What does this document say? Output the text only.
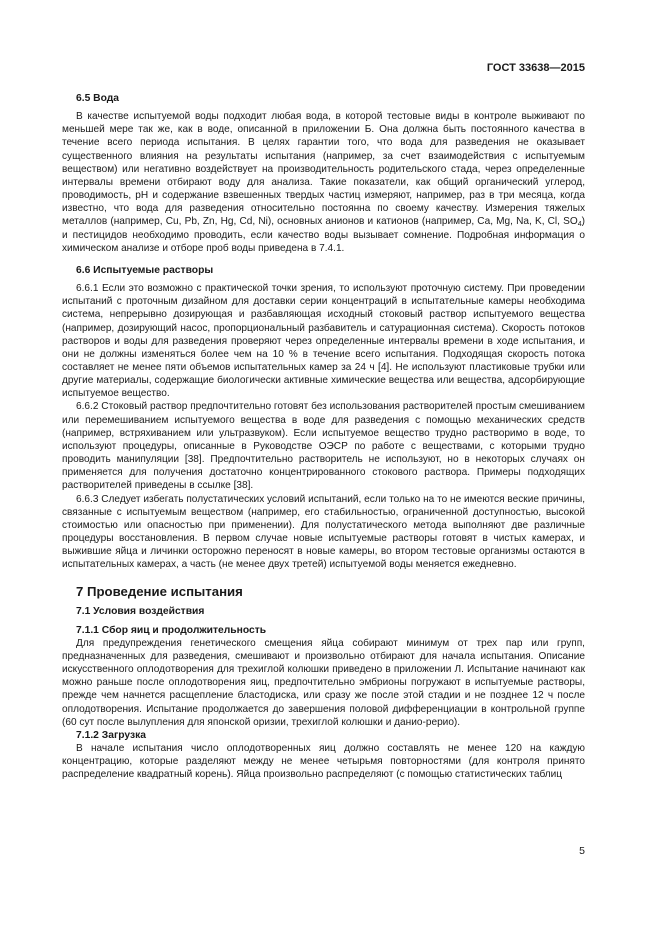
ГОСТ 33638—2015
6.5 Вода

В качестве испытуемой воды подходит любая вода, в которой тестовые виды в контроле выживают по меньшей мере так же, как в воде, описанной в приложении Б. Она должна быть постоянного качества в течение всего периода испытания. В целях гарантии того, что вода для разведения не оказывает существенного влияния на результаты испытания (например, за счет взаимодействия с испытуемым веществом) или негативно воздействует на производительность родительского стада, через определенные интервалы времени отбирают воду для анализа. Такие показатели, как общий органический углерод, проводимость, pH и содержание взвешенных твердых частиц измеряют, например, раз в три месяца, когда известно, что вода для разведения относительно постоянна по своему качеству. Измерения тяжелых металлов (например, Cu, Pb, Zn, Hg, Cd, Ni), основных анионов и катионов (например, Ca, Mg, Na, K, Cl, $SO_4$) и пестицидов необходимо проводить, если качество воды вызывает сомнение. Подробная информация о химическом анализе и отборе проб воды приведена в 7.4.1.

6.6 Испытуемые растворы

6.6.1 Если это возможно с практической точки зрения, то используют проточную систему. При проведении испытаний с проточным дизайном для доставки серии концентраций в испытательные камеры необходима система, непрерывно дозирующая и разбавляющая исходный стоковый раствор испытуемого вещества (например, дозирующий насос, пропорциональный разбавитель и сатурационная система). Скорость потоков растворов и воды для разведения проверяют через определенные интервалы времени в ходе испытания, и они не должны изменяться более чем на 10 % в течение всего испытания. Подходящая скорость потока составляет не менее пяти объемов испытательных камер за 24 ч [4]. Не используют пластиковые трубки или другие материалы, содержащие биологически активные химические вещества или вещества, адсорбирующие испытуемое вещество.

6.6.2 Стоковый раствор предпочтительно готовят без использования растворителей простым смешиванием или перемешиванием испытуемого вещества в воде для разведения с помощью механических средств (например, встряхиванием или ультразвуком). Если испытуемое вещество трудно растворимо в воде, то используют процедуры, описанные в Руководстве ОЭСР по работе с веществами, с которыми трудно проводить манипуляции [38]. Предпочтительно растворитель не используют, но в некоторых случаях он применяется для получения достаточно концентрированного стокового раствора. Примеры подходящих растворителей приведены в ссылке [38].

6.6.3 Следует избегать полустатических условий испытаний, если только на то не имеются веские причины, связанные с испытуемым веществом (например, его стабильностью, ограниченной доступностью, высокой стоимостью или опасностью при применении). Для полустатического метода выполняют две различные процедуры восстановления. В первом случае новые испытуемые растворы готовят в чистых камерах, и выжившие яйца и личинки осторожно переносят в новые камеры, во втором тестовые организмы остаются в испытательных камерах, а часть (не менее двух третей) испытуемой воды меняется ежедневно.

7 Проведение испытания
7.1 Условия воздействия
7.1.1 Сбор яиц и продолжительность

Для предупреждения генетического смещения яйца собирают минимум от трех пар или групп, предназначенных для разведения, смешивают и произвольно отбирают для начала испытания. Описание искусственного оплодотворения для трехиглой колюшки приведено в приложении Л. Испытание начинают как можно раньше после оплодотворения яиц, предпочтительно эмбрионы погружают в испытуемые растворы, прежде чем начнется расщепление бластодиска, или сразу же после этой стадии и не позднее 12 ч после оплодотворения. Испытание продолжается до завершения половой дифференциации в контрольной группе (60 сут после вылупления для японской оризии, трехиглой колюшки и данио-рерио).

7.1.2 Загрузка

В начале испытания число оплодотворенных яиц должно составлять не менее 120 на каждую концентрацию, которые разделяют между не менее четырьмя повторностями (для контроля принято распределение квадратный корень). Яйца произвольно распределяют (с помощью статистических таблиц

5
